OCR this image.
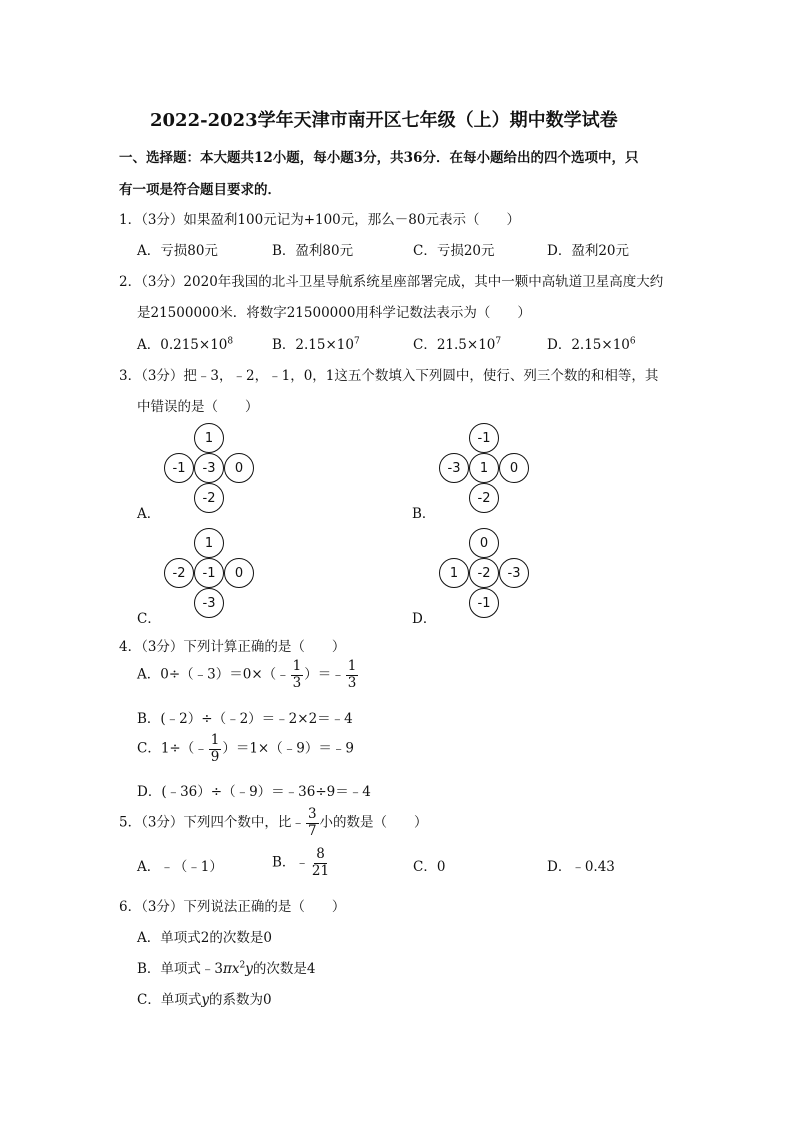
2022-2023学年天津市南开区七年级（上）期中数学试卷
一、选择题：本大题共12小题，每小题3分，共36分．在每小题给出的四个选项中，只
有一项是符合题目要求的．
1．（3分）如果盈利100元记为+100元，那么－80元表示（　　）
A．亏损80元	B．盈利80元	C．亏损20元	D．盈利20元
2．（3分）2020年我国的北斗卫星导航系统星座部署完成，其中一颗中高轨道卫星高度大约
是21500000米．将数字21500000用科学记数法表示为（　　）
A．$0.215\times 10^8$	B．$2.15\times 10^7$	C．$21.5\times 10^7$	D．$2.15\times 10^6$
3．（3分）把﹣3，﹣2，﹣1，0，1这五个数填入下列圆中，使行、列三个数的和相等，其
中错误的是（　　）
1
-1	0
-2
-3
A．
-1
-3	0
-2
1
B．
1
-2	0
-3
-1
C．
0
1	-3
-1
-2
D．
4．（3分）下列计算正确的是（　　）
A．0÷（﹣3）＝0×（﹣ $\frac{1}{3}$ ）＝﹣ $\frac{1}{3}$
B．(﹣2）÷（﹣2）＝﹣2×2＝﹣4
C．1÷（﹣ $\frac{1}{9}$ ）＝1×（﹣9）＝﹣9
D．(﹣36）÷（﹣9）＝﹣36÷9＝﹣4
5．（3分）下列四个数中，比﹣ $\frac{3}{7}$ 小的数是（　　）
A．﹣（﹣1）	B．﹣ $\frac{8}{21}$	C．0	D．﹣0.43
6．（3分）下列说法正确的是（　　）
A．单项式2的次数是0
B．单项式$﹣3\pi x^2y$的次数是4
C．单项式y的系数为0
